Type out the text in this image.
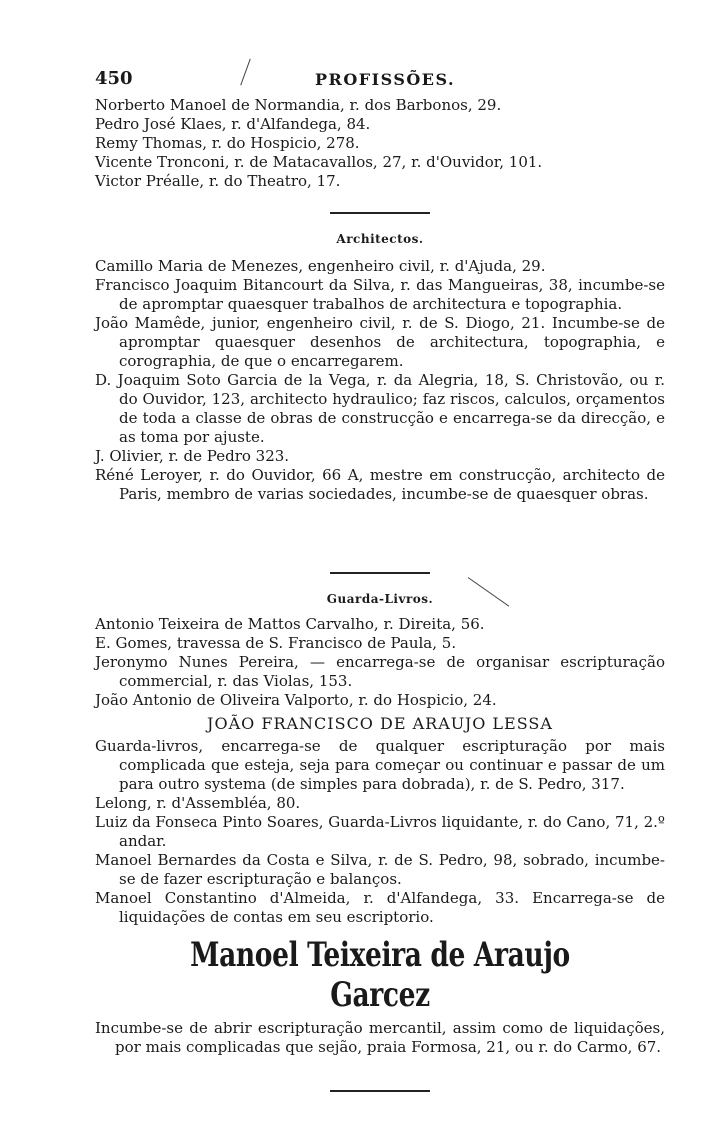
450	PROFISSÕES.

Norberto Manoel de Normandia, r. dos Barbonos, 29.

Pedro José Klaes, r. d'Alfandega, 84.

Remy Thomas, r. do Hospicio, 278.

Vicente Tronconi, r. de Matacavallos, 27, r. d'Ouvidor, 101.

Victor Préalle, r. do Theatro, 17.

Architectos.

Camillo Maria de Menezes, engenheiro civil, r. d'Ajuda, 29.

Francisco Joaquim Bitancourt da Silva, r. das Mangueiras, 38, incumbe-se de apromptar quaesquer trabalhos de architectura e topographia.

João Mamêde, junior, engenheiro civil, r. de S. Diogo, 21. Incumbe-se de apromptar quaesquer desenhos de architectura, topographia, e corographia, de que o encarregarem.

D. Joaquim Soto Garcia de la Vega, r. da Alegria, 18, S. Christovão, ou r. do Ouvidor, 123, architecto hydraulico; faz riscos, calculos, orçamentos de toda a classe de obras de construcção e encarrega-se da direcção, e as toma por ajuste.

J. Olivier, r. de Pedro 323.

Réné Leroyer, r. do Ouvidor, 66 A, mestre em construcção, architecto de Paris, membro de varias sociedades, incumbe-se de quaesquer obras.

Guarda-Livros.

Antonio Teixeira de Mattos Carvalho, r. Direita, 56.

E. Gomes, travessa de S. Francisco de Paula, 5.

Jeronymo Nunes Pereira, — encarrega-se de organisar escripturação commercial, r. das Violas, 153.

João Antonio de Oliveira Valporto, r. do Hospicio, 24.

JOÃO FRANCISCO DE ARAUJO LESSA

Guarda-livros, encarrega-se de qualquer escripturação por mais complicada que esteja, seja para começar ou continuar e passar de um para outro systema (de simples para dobrada), r. de S. Pedro, 317.

Lelong, r. d'Assembléa, 80.

Luiz da Fonseca Pinto Soares, Guarda-Livros liquidante, r. do Cano, 71, 2.º andar.

Manoel Bernardes da Costa e Silva, r. de S. Pedro, 98, sobrado, incumbe-se de fazer escripturação e balanços.

Manoel Constantino d'Almeida, r. d'Alfandega, 33. Encarrega-se de liquidações de contas em seu escriptorio.

Manoel Teixeira de Araujo Garcez

Incumbe-se de abrir escripturação mercantil, assim como de liquidações, por mais complicadas que sejão, praia Formosa, 21, ou r. do Carmo, 67.
